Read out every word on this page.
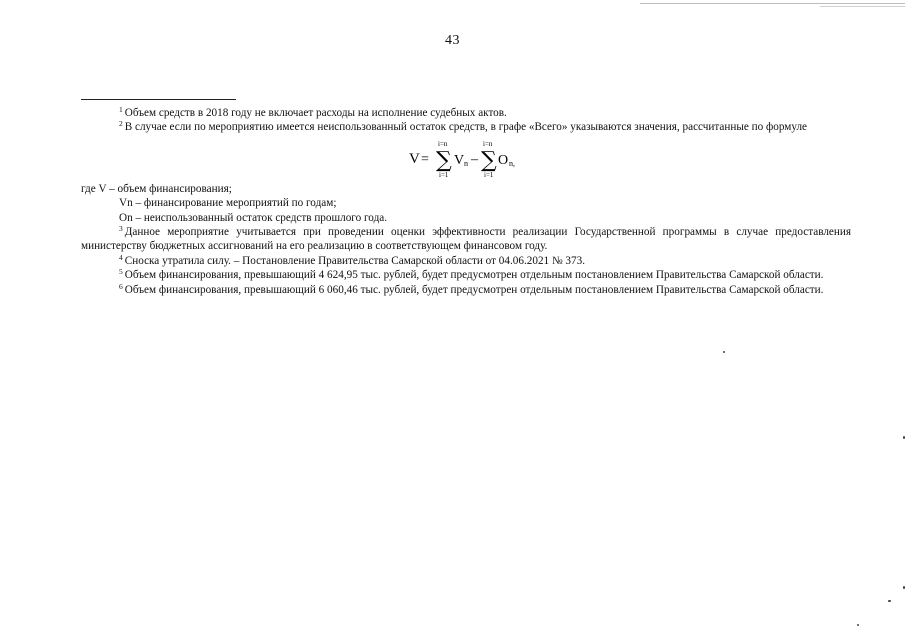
43

$^1$ Объем средств в 2018 году не включает расходы на исполнение судебных актов.

$^2$ В случае если по мероприятию имеется неиспользованный остаток средств, в графе «Всего» указываются значения, рассчитанные по формуле

V =
i=n
∑
i=1
V n –
i=n
∑
i=1
O n,

где V – объем финансирования;

Vn – финансирование мероприятий по годам;

On – неиспользованный остаток средств прошлого года.

$^3$ Данное мероприятие учитывается при проведении оценки эффективности реализации Государственной программы в случае предоставления министерству бюджетных ассигнований на его реализацию в соответствующем финансовом году.

$^4$ Сноска утратила силу. – Постановление Правительства Самарской области от 04.06.2021 № 373.

$^5$ Объем финансирования, превышающий 4 624,95 тыс. рублей, будет предусмотрен отдельным постановлением Правительства Самарской области.

$^6$ Объем финансирования, превышающий 6 060,46 тыс. рублей, будет предусмотрен отдельным постановлением Правительства Самарской области.
